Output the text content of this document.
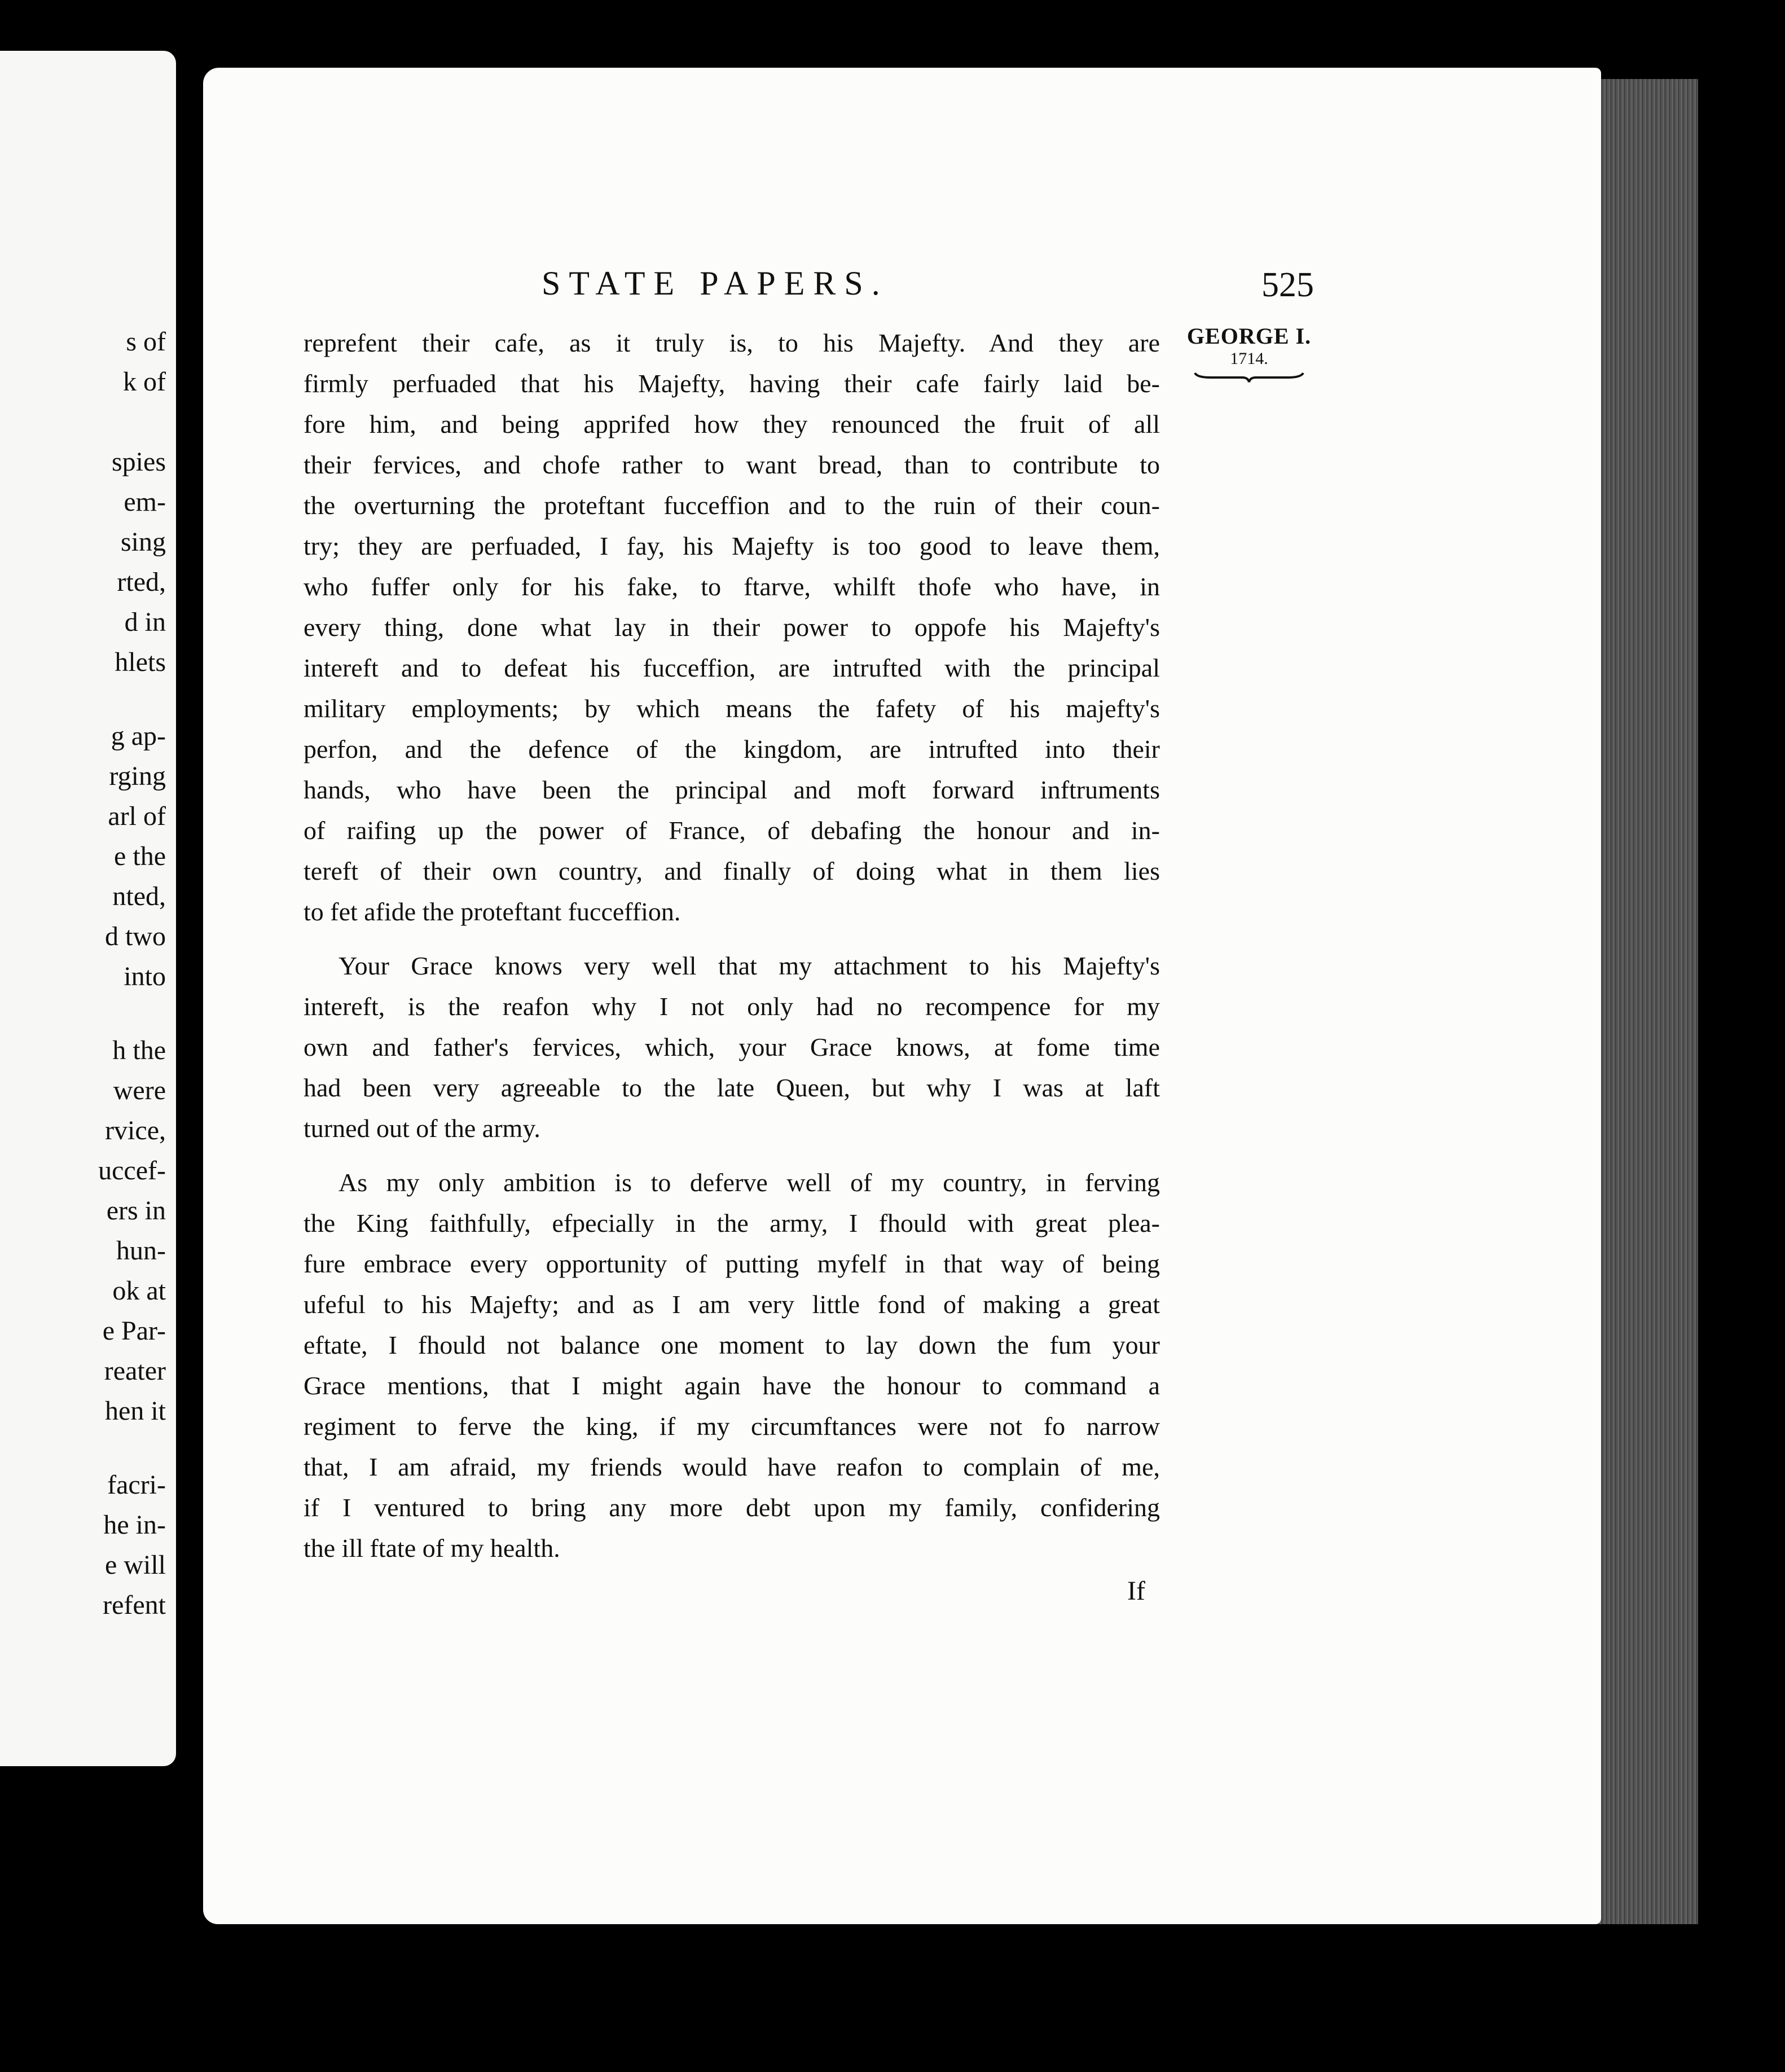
s of
k of
spies
em-
sing
rted,
d in
hlets
g ap-
rging
arl of
e the
nted,
d two
into
h the
were
rvice,
uccef-
ers in
hun-
ok at
e Par-
reater
hen it
facri-
he in-
e will
refent
STATE PAPERS.	525
GEORGE I.
1714.

reprefent their cafe, as it truly is, to his Majefty. And they are
firmly perfuaded that his Majefty, having their cafe fairly laid be-
fore him, and being apprifed how they renounced the fruit of all
their fervices, and chofe rather to want bread, than to contribute to
the overturning the proteftant fucceffion and to the ruin of their coun-
try; they are perfuaded, I fay, his Majefty is too good to leave them,
who fuffer only for his fake, to ftarve, whilft thofe who have, in
every thing, done what lay in their power to oppofe his Majefty's
intereft and to defeat his fucceffion, are intrufted with the principal
military employments; by which means the fafety of his majefty's
perfon, and the defence of the kingdom, are intrufted into their
hands, who have been the principal and moft forward inftruments
of raifing up the power of France, of debafing the honour and in-
tereft of their own country, and finally of doing what in them lies
to fet afide the proteftant fucceffion.

Your Grace knows very well that my attachment to his Majefty's
intereft, is the reafon why I not only had no recompence for my
own and father's fervices, which, your Grace knows, at fome time
had been very agreeable to the late Queen, but why I was at laft
turned out of the army.

As my only ambition is to deferve well of my country, in ferving
the King faithfully, efpecially in the army, I fhould with great plea-
fure embrace every opportunity of putting myfelf in that way of being
ufeful to his Majefty; and as I am very little fond of making a great
eftate, I fhould not balance one moment to lay down the fum your
Grace mentions, that I might again have the honour to command a
regiment to ferve the king, if my circumftances were not fo narrow
that, I am afraid, my friends would have reafon to complain of me,
if I ventured to bring any more debt upon my family, confidering
the ill ftate of my health.

If
